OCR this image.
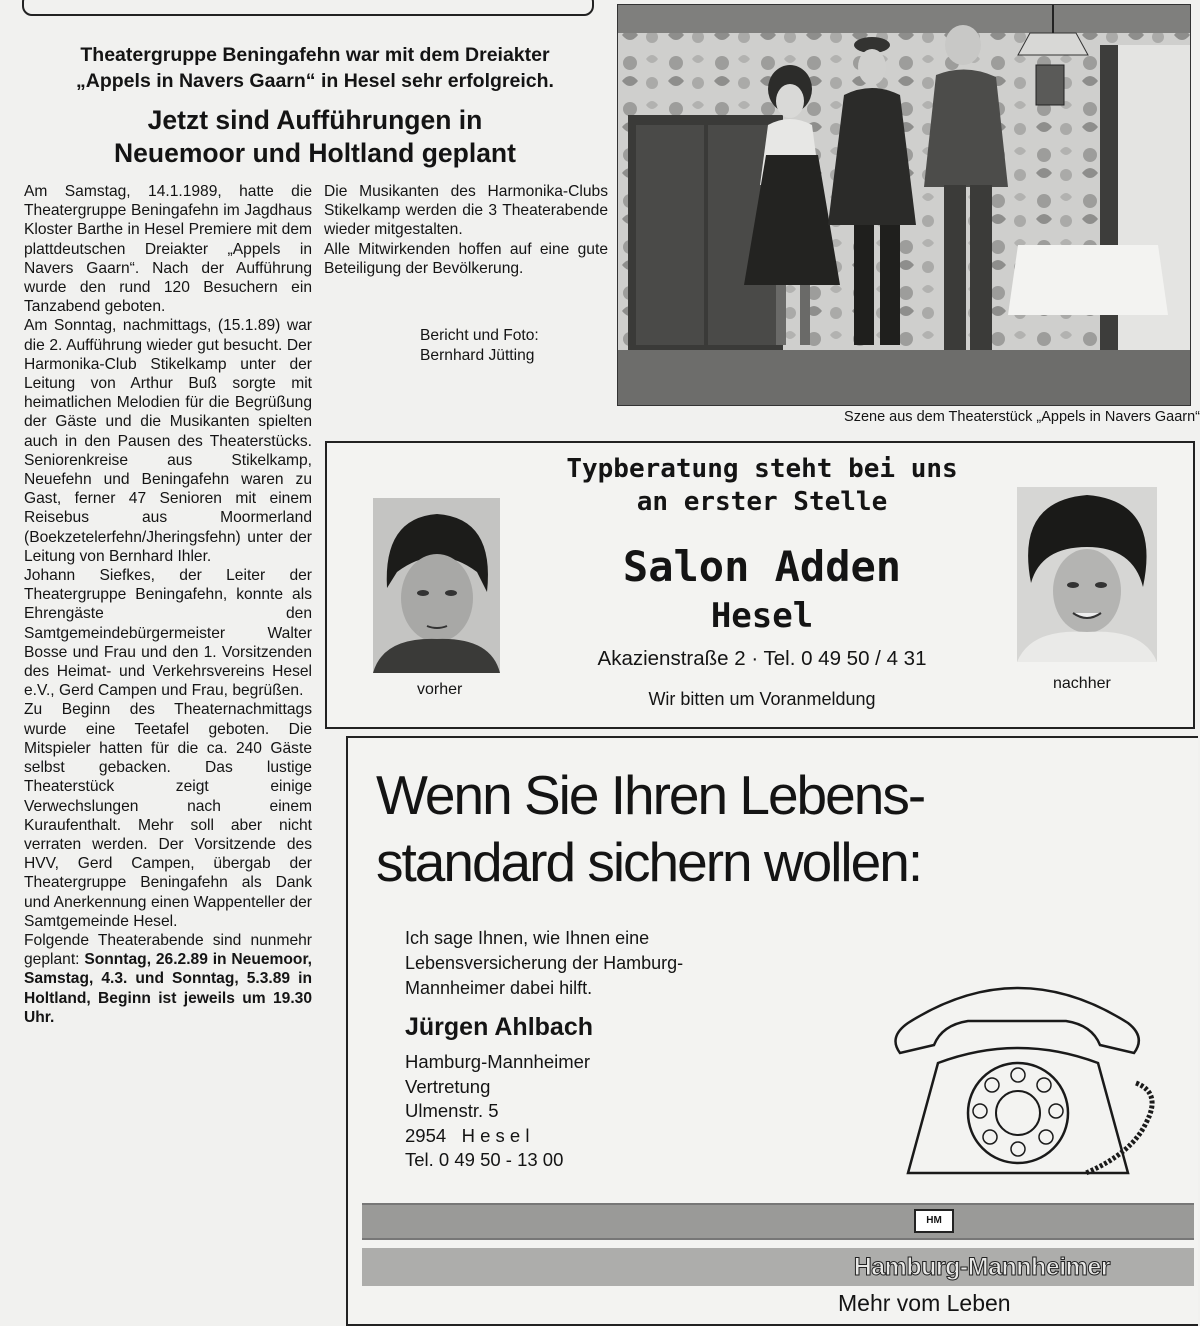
Theatergruppe Beningafehn war mit dem Dreiakter
„Appels in Navers Gaarn“ in Hesel sehr erfolgreich.
Jetzt sind Aufführungen in
Neuemoor und Holtland geplant

Am Samstag, 14.1.1989, hatte die Theatergruppe Beningafehn im Jagdhaus Kloster Barthe in Hesel Premiere mit dem plattdeutschen Dreiakter „Appels in Navers Gaarn“. Nach der Aufführung wurde den rund 120 Besuchern ein Tanzabend geboten.

Am Sonntag, nachmittags, (15.1.89) war die 2. Aufführung wieder gut besucht. Der Harmonika-Club Stikelkamp unter der Leitung von Arthur Buß sorgte mit heimatlichen Melodien für die Begrüßung der Gäste und die Musikanten spielten auch in den Pausen des Theaterstücks. Seniorenkreise aus Stikelkamp, Neuefehn und Beningafehn waren zu Gast, ferner 47 Senioren mit einem Reisebus aus Moormerland (Boekzetelerfehn/Jheringsfehn) unter der Leitung von Bernhard Ihler.

Johann Siefkes, der Leiter der Theatergruppe Beningafehn, konnte als Ehrengäste den Samtgemeindebürgermeister Walter Bosse und Frau und den 1. Vorsitzenden des Heimat- und Verkehrsvereins Hesel e.V., Gerd Campen und Frau, begrüßen.

Zu Beginn des Theaternachmittags wurde eine Teetafel geboten. Die Mitspieler hatten für die ca. 240 Gäste selbst gebacken. Das lustige Theaterstück zeigt einige Verwechslungen nach einem Kuraufenthalt. Mehr soll aber nicht verraten werden. Der Vorsitzende des HVV, Gerd Campen, übergab der Theatergruppe Beningafehn als Dank und Anerkennung einen Wappenteller der Samtgemeinde Hesel.

Folgende Theaterabende sind nunmehr geplant: Sonntag, 26.2.89 in Neuemoor, Samstag, 4.3. und Sonntag, 5.3.89 in Holtland, Beginn ist jeweils um 19.30 Uhr.

Die Musikanten des Harmonika-Clubs Stikelkamp werden die 3 Theaterabende wieder mitgestalten.

Alle Mitwirkenden hoffen auf eine gute Beteiligung der Bevölkerung.

Bericht und Foto:
Bernhard Jütting
Szene aus dem Theaterstück „Appels in Navers Gaarn“
Typberatung steht bei uns
an erster Stelle
Salon Adden
Hesel
Akazienstraße 2 · Tel. 0 49 50 / 4 31
Wir bitten um Voranmeldung
vorher	nachher
Wenn Sie Ihren Lebens-
standard sichern wollen:
Ich sage Ihnen, wie Ihnen eine
Lebensversicherung der Hamburg-
Mannheimer dabei hilft.
Jürgen Ahlbach
Hamburg-Mannheimer
Vertretung
Ulmenstr. 5
2954   H e s e l
Tel. 0 49 50 - 13 00
HM
Hamburg-Mannheimer
Mehr vom Leben
